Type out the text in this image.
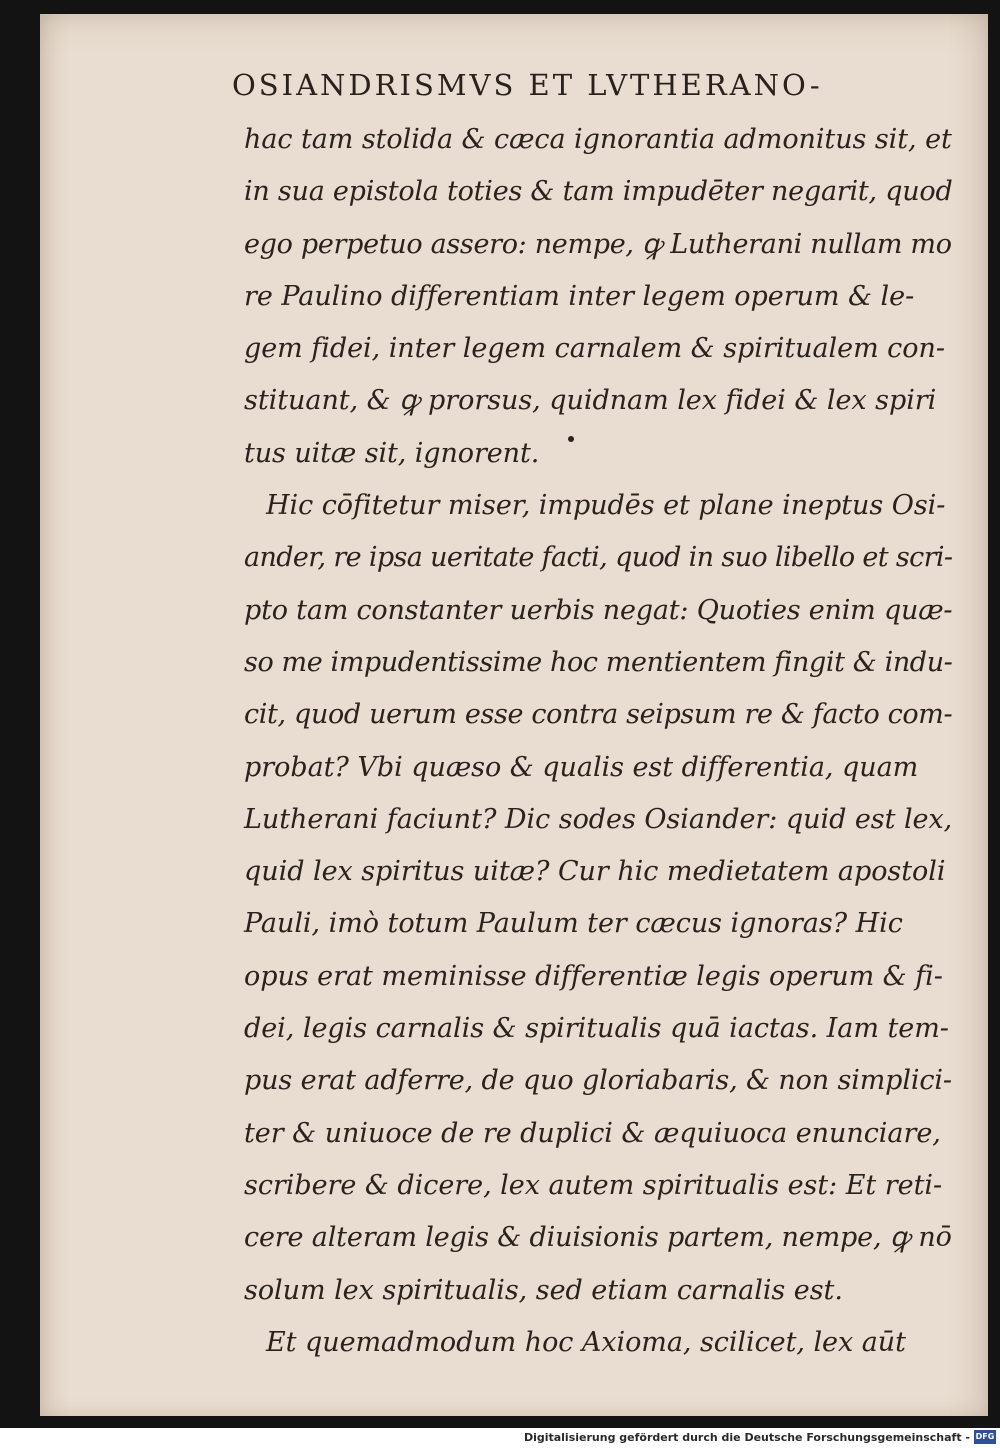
OSIANDRISMVS ET LVTHERANO-
hac tam stolida & cæca ignorantia admonitus sit, et
in sua epistola toties & tam impudēter negarit, quod
ego perpetuo assero: nempe, ꝙ Lutherani nullam mo
re Paulino differentiam inter legem operum & le-
gem fidei, inter legem carnalem & spiritualem con-
stituant, & ꝙ prorsus, quidnam lex fidei & lex spiri
tus uitæ sit, ignorent.
Hic cōfitetur miser, impudēs et plane ineptus Osi-
ander, re ipsa ueritate facti, quod in suo libello et scri-
pto tam constanter uerbis negat: Quoties enim quæ-
so me impudentissime hoc mentientem fingit & indu-
cit, quod uerum esse contra seipsum re & facto com-
probat? Vbi quæso & qualis est differentia, quam
Lutherani faciunt? Dic sodes Osiander: quid est lex,
quid lex spiritus uitæ? Cur hic medietatem apostoli
Pauli, imò totum Paulum ter cæcus ignoras? Hic
opus erat meminisse differentiæ legis operum & fi-
dei, legis carnalis & spiritualis quā iactas. Iam tem-
pus erat adferre, de quo gloriabaris, & non simplici-
ter & uniuoce de re duplici & æquiuoca enunciare,
scribere & dicere, lex autem spiritualis est: Et reti-
cere alteram legis & diuisionis partem, nempe, ꝙ nō
solum lex spiritualis, sed etiam carnalis est.
Et quemadmodum hoc Axioma, scilicet, lex aūt
Digitalisierung gefördert durch die Deutsche Forschungsgemeinschaft - DFG
